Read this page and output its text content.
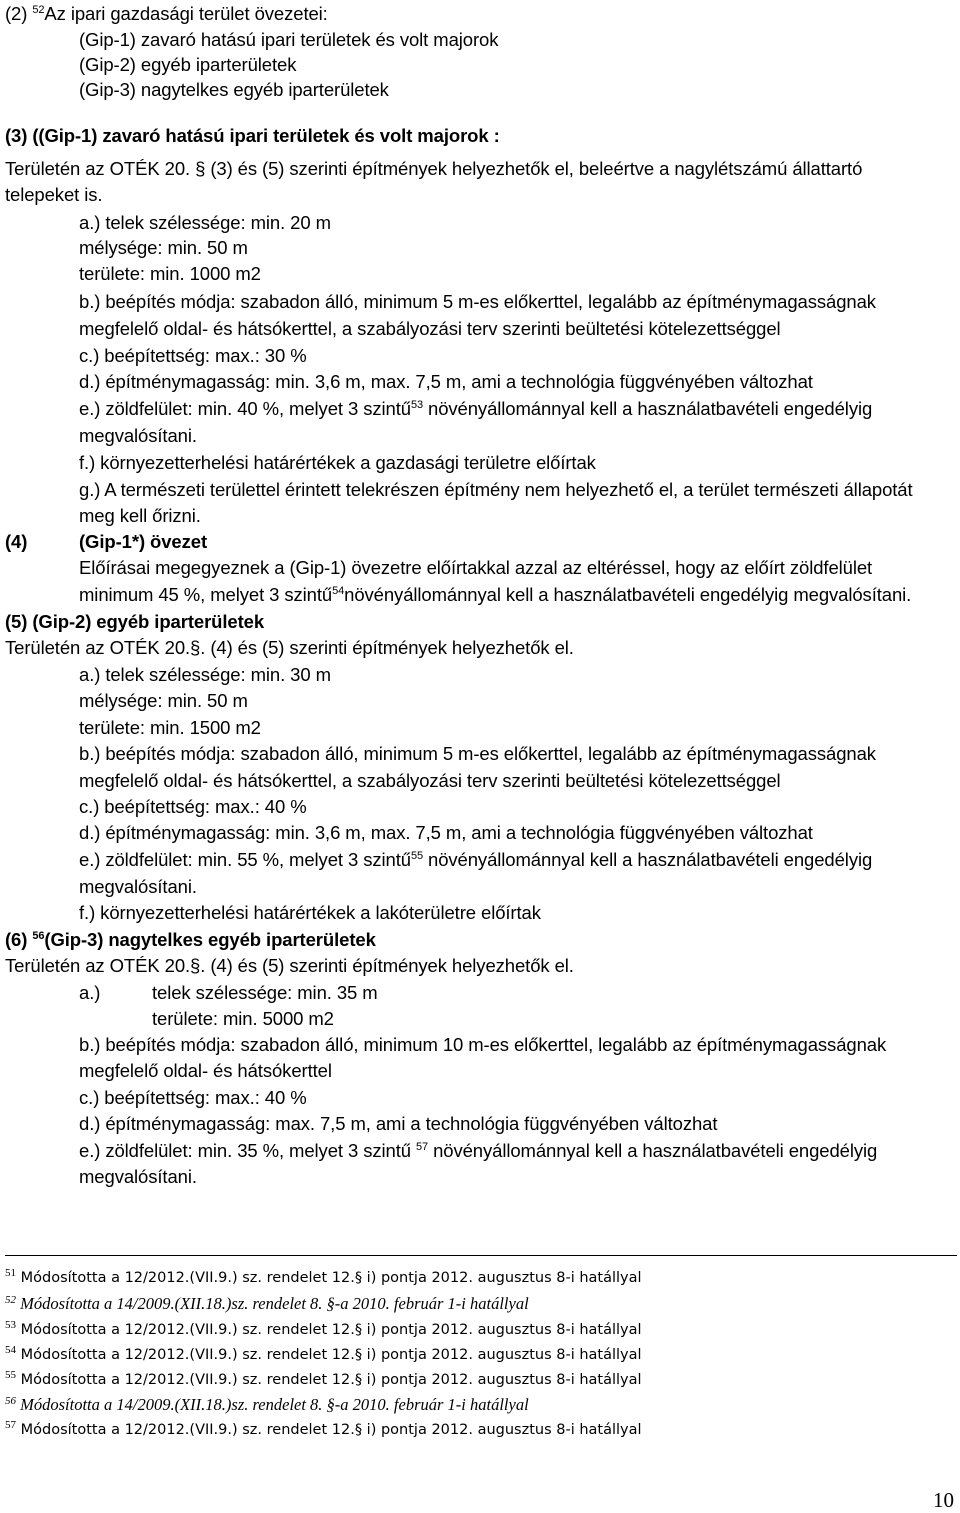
(2) $^{52}$Az ipari gazdasági terület övezetei:
(Gip-1) zavaró hatású ipari területek és volt majorok
(Gip-2) egyéb iparterületek
(Gip-3) nagytelkes egyéb iparterületek
(3) ((Gip-1) zavaró hatású ipari területek és volt majorok :
Területén az OTÉK 20. § (3) és (5) szerinti építmények helyezhetők el, beleértve a nagylétszámú állattartó
telepeket is.
a.) telek szélessége: min. 20 m
mélysége: min. 50 m
területe: min. 1000 m2
b.) beépítés módja: szabadon álló, minimum 5 m-es előkerttel, legalább az építménymagasságnak
megfelelő oldal- és hátsókerttel, a szabályozási terv szerinti beültetési kötelezettséggel
c.) beépítettség: max.: 30 %
d.) építménymagasság: min. 3,6 m, max. 7,5 m, ami a technológia függvényében változhat
e.) zöldfelület: min. 40 %, melyet 3 szintű$^{53}$ növényállománnyal kell a használatbavételi engedélyig
megvalósítani.
f.) környezetterhelési határértékek a gazdasági területre előírtak
g.) A természeti területtel érintett telekrészen építmény nem helyezhető el, a terület természeti állapotát
meg kell őrizni.
(4)	(Gip-1*) övezet
Előírásai megegyeznek a (Gip-1) övezetre előírtakkal azzal az eltéréssel, hogy az előírt zöldfelület
minimum 45 %, melyet 3 szintű$^{54}$növényállománnyal kell a használatbavételi engedélyig megvalósítani.
(5) (Gip-2) egyéb iparterületek
Területén az OTÉK 20.§. (4) és (5) szerinti építmények helyezhetők el.
a.) telek szélessége: min. 30 m
mélysége: min. 50 m
területe: min. 1500 m2
b.) beépítés módja: szabadon álló, minimum 5 m-es előkerttel, legalább az építménymagasságnak
megfelelő oldal- és hátsókerttel, a szabályozási terv szerinti beültetési kötelezettséggel
c.) beépítettség: max.: 40 %
d.) építménymagasság: min. 3,6 m, max. 7,5 m, ami a technológia függvényében változhat
e.) zöldfelület: min. 55 %, melyet 3 szintű$^{55}$ növényállománnyal kell a használatbavételi engedélyig
megvalósítani.
f.) környezetterhelési határértékek a lakóterületre előírtak
(6) $^{56}$(Gip-3) nagytelkes egyéb iparterületek
Területén az OTÉK 20.§. (4) és (5) szerinti építmények helyezhetők el.
a.)	telek szélessége: min. 35 m
területe: min. 5000 m2
b.) beépítés módja: szabadon álló, minimum 10 m-es előkerttel, legalább az építménymagasságnak
megfelelő oldal- és hátsókerttel
c.) beépítettség: max.: 40 %
d.) építménymagasság: max. 7,5 m, ami a technológia függvényében változhat
e.) zöldfelület: min. 35 %, melyet 3 szintű $^{57}$ növényállománnyal kell a használatbavételi engedélyig
megvalósítani.
$^{51}$ Módosította a 12/2012.(VII.9.) sz. rendelet 12.§ i) pontja 2012. augusztus 8-i hatállyal
$^{52}$ Módosította a 14/2009.(XII.18.)sz. rendelet 8. §-a 2010. február 1-i hatállyal
$^{53}$ Módosította a 12/2012.(VII.9.) sz. rendelet 12.§ i) pontja 2012. augusztus 8-i hatállyal
$^{54}$ Módosította a 12/2012.(VII.9.) sz. rendelet 12.§ i) pontja 2012. augusztus 8-i hatállyal
$^{55}$ Módosította a 12/2012.(VII.9.) sz. rendelet 12.§ i) pontja 2012. augusztus 8-i hatállyal
$^{56}$ Módosította a 14/2009.(XII.18.)sz. rendelet 8. §-a 2010. február 1-i hatállyal
$^{57}$ Módosította a 12/2012.(VII.9.) sz. rendelet 12.§ i) pontja 2012. augusztus 8-i hatállyal
10
